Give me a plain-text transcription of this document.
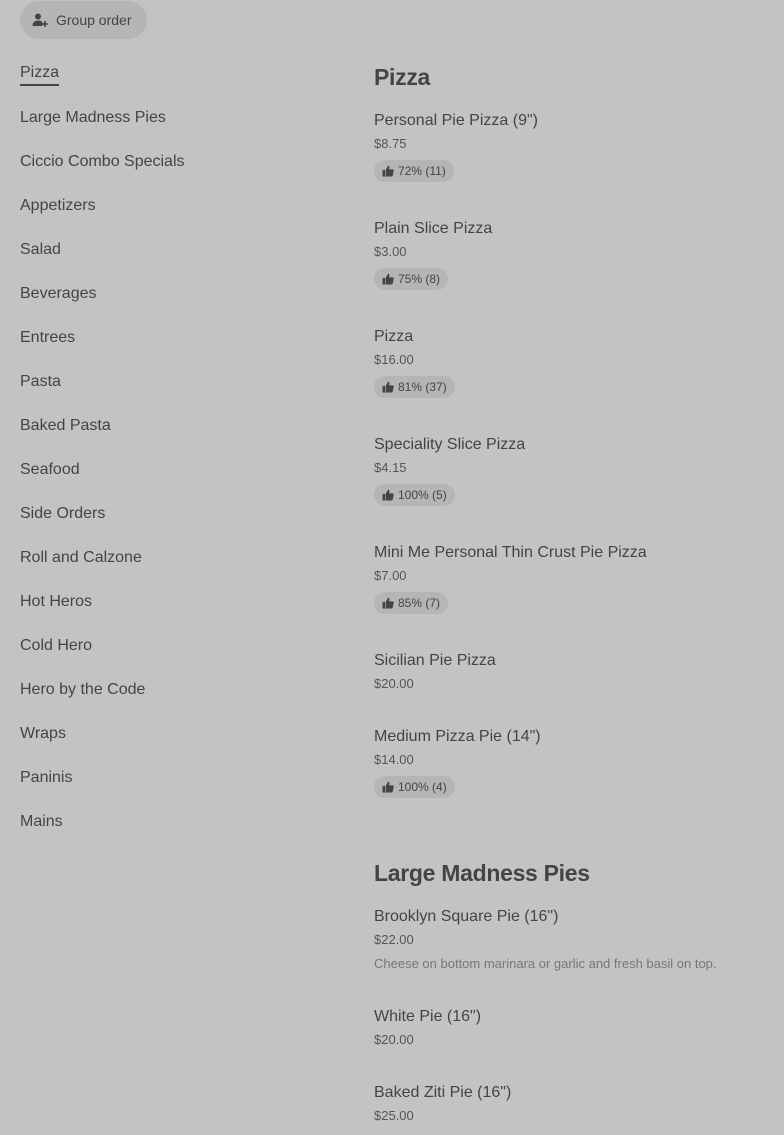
Group order
Pizza
Large Madness Pies
Ciccio Combo Specials
Appetizers
Salad
Beverages
Entrees
Pasta
Baked Pasta
Seafood
Side Orders
Roll and Calzone
Hot Heros
Cold Hero
Hero by the Code
Wraps
Paninis
Mains
Pizza
Personal Pie Pizza (9")
$8.75
72% (11)
Plain Slice Pizza
$3.00
75% (8)
Pizza
$16.00
81% (37)
Speciality Slice Pizza
$4.15
100% (5)
Mini Me Personal Thin Crust Pie Pizza
$7.00
85% (7)
Sicilian Pie Pizza
$20.00
Medium Pizza Pie (14")
$14.00
100% (4)
Large Madness Pies
Brooklyn Square Pie (16")
$22.00
Cheese on bottom marinara or garlic and fresh basil on top.
White Pie (16")
$20.00
Baked Ziti Pie (16")
$25.00
